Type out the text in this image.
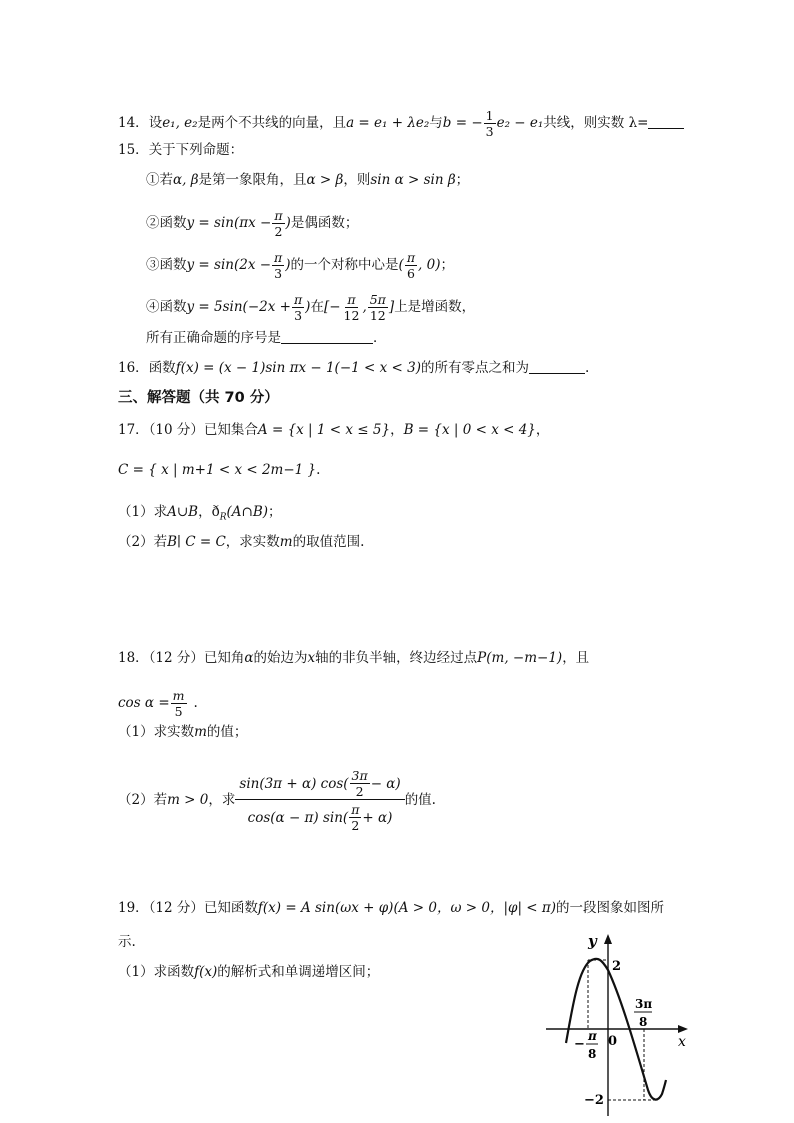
14．设e₁, e₂是两个不共线的向量，且a = e₁ + λe₂与b = − $\frac{1}{3} e_2 - e_1$共线，则实数 λ=
15．关于下列命题：
①若α, β是第一象限角，且α > β，则sin α > sin β；
②函数$y = \sin(\pi x - \frac{\pi}{2}$ )是偶函数；
③函数$y = \sin(2x - \frac{\pi}{3}$ )的一个对称中心是( $\frac{\pi}{6}$ , 0)；
④函数$y = 5\sin(-2x + \frac{\pi}{3}$ )在[− $\frac{\pi}{12}$ , $\frac{5\pi}{12}$ ]上是增函数，
所有正确命题的序号是	．
16．函数f(x) = (x − 1)sin πx − 1(−1 < x < 3)的所有零点之和为	.
三、解答题（共 70 分）
17．（10 分）已知集合A = {x | 1 < x ≤ 5}，B = {x | 0 < x < 4}，
C = { x | m+1 < x < 2m−1 }.
（1）求A∪B，$ð_R(A\cap B)$；
（2）若B∣ C = C，求实数m的取值范围.
18．（12 分）已知角α的始边为x轴的非负半轴，终边经过点P(m, −m−1)，且
$\cos \alpha = \frac{m}{5}$ .
（1）求实数m的值；
（2）若m > 0，求 $\frac{\sin(3\pi + \alpha) \cos( \frac{3\pi}{2} - \alpha)}{\cos(\alpha - \pi) \sin( \frac{\pi}{2} + \alpha)}$ 的值.
19．（12 分）已知函数f(x) = A sin(ωx + φ)(A > 0，ω > 0，|φ| < π)的一段图象如图所
示.
（1）求函数f(x)的解析式和单调递增区间；
y
x
0
2
−2
−
π
8
3π
8
